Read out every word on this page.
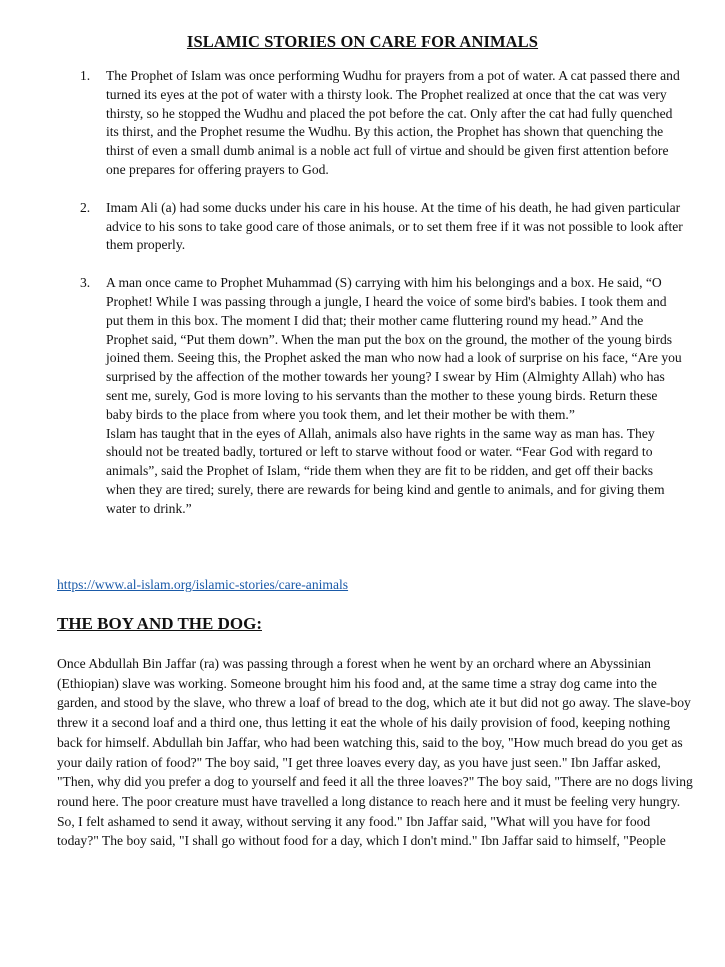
ISLAMIC STORIES ON CARE FOR ANIMALS
1. The Prophet of Islam was once performing Wudhu for prayers from a pot of water. A cat passed there and turned its eyes at the pot of water with a thirsty look. The Prophet realized at once that the cat was very thirsty, so he stopped the Wudhu and placed the pot before the cat. Only after the cat had fully quenched its thirst, and the Prophet resume the Wudhu. By this action, the Prophet has shown that quenching the thirst of even a small dumb animal is a noble act full of virtue and should be given first attention before one prepares for offering prayers to God.

2. Imam Ali (a) had some ducks under his care in his house. At the time of his death, he had given particular advice to his sons to take good care of those animals, or to set them free if it was not possible to look after them properly.

3. A man once came to Prophet Muhammad (S) carrying with him his belongings and a box. He said, “O Prophet! While I was passing through a jungle, I heard the voice of some bird's babies. I took them and put them in this box. The moment I did that; their mother came fluttering round my head.” And the Prophet said, “Put them down”. When the man put the box on the ground, the mother of the young birds joined them. Seeing this, the Prophet asked the man who now had a look of surprise on his face, “Are you surprised by the affection of the mother towards her young? I swear by Him (Almighty Allah) who has sent me, surely, God is more loving to his servants than the mother to these young birds. Return these baby birds to the place from where you took them, and let their mother be with them.”

Islam has taught that in the eyes of Allah, animals also have rights in the same way as man has. They should not be treated badly, tortured or left to starve without food or water. “Fear God with regard to animals”, said the Prophet of Islam, “ride them when they are fit to be ridden, and get off their backs when they are tired; surely, there are rewards for being kind and gentle to animals, and for giving them water to drink.”

https://www.al-islam.org/islamic-stories/care-animals
THE BOY AND THE DOG:

Once Abdullah Bin Jaffar (ra) was passing through a forest when he went by an orchard where an Abyssinian (Ethiopian) slave was working. Someone brought him his food and, at the same time a stray dog came into the garden, and stood by the slave, who threw a loaf of bread to the dog, which ate it but did not go away. The slave-boy threw it a second loaf and a third one, thus letting it eat the whole of his daily provision of food, keeping nothing back for himself. Abdullah bin Jaffar, who had been watching this, said to the boy, "How much bread do you get as your daily ration of food?" The boy said, "I get three loaves every day, as you have just seen." Ibn Jaffar asked, "Then, why did you prefer a dog to yourself and feed it all the three loaves?" The boy said, "There are no dogs living round here. The poor creature must have travelled a long distance to reach here and it must be feeling very hungry. So, I felt ashamed to send it away, without serving it any food." Ibn Jaffar said, "What will you have for food today?" The boy said, "I shall go without food for a day, which I don't mind." Ibn Jaffar said to himself, "People
